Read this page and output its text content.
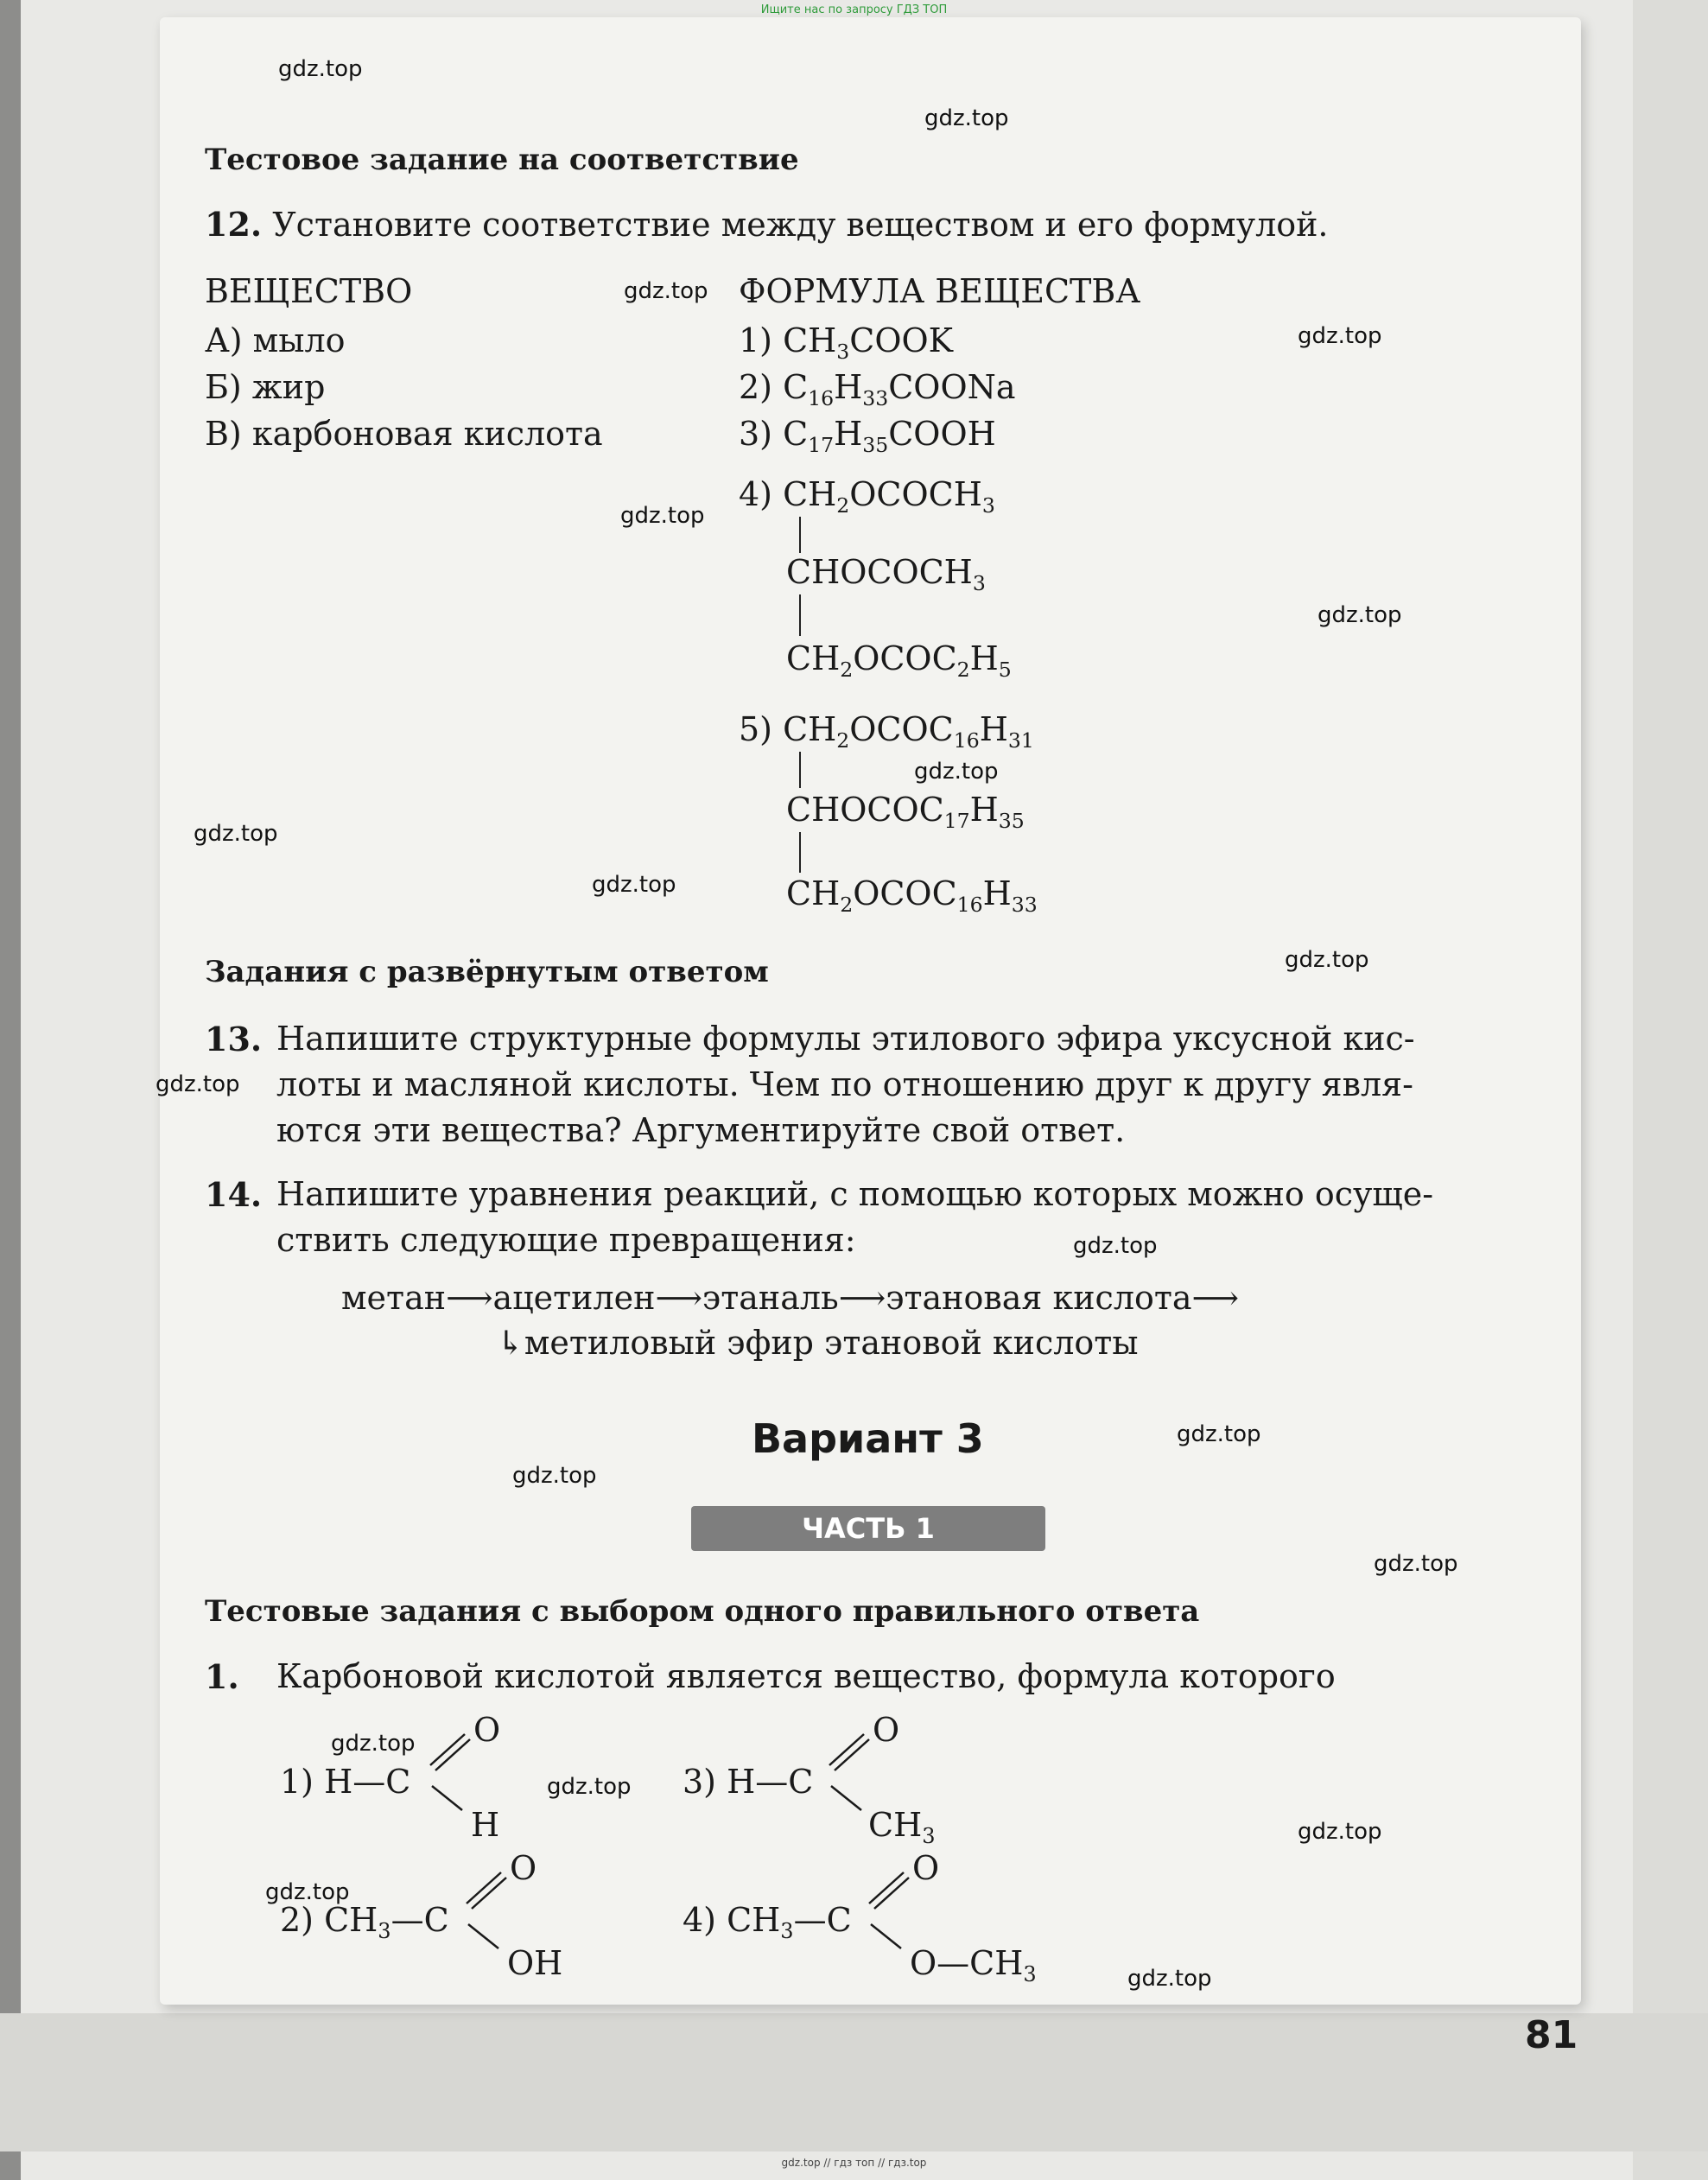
Ищите нас по запросу ГДЗ ТОП
Тестовое задание на соответствие
12. Установите соответствие между веществом и его формулой.
ВЕЩЕСТВО	ФОРМУЛА ВЕЩЕСТВА
А) мыло
Б) жир
В) карбоновая кислота
1) $CH_3COOK$
2) $C_{16}H_{33}COONa$
3) $C_{17}H_{35}COOH$
4) $CH_2OCOCH_3$
$CHOCOCH_3$
$CH_2OCOC_2H_5$
5) $CH_2OCOC_{16}H_{31}$
$CHOCOC_{17}H_{35}$
$CH_2OCOC_{16}H_{33}$
Задания с развёрнутым ответом
13. Напишите структурные формулы этилового эфира уксусной кис-
лоты и масляной кислоты. Чем по отношению друг к другу явля-
ются эти вещества? Аргументируйте свой ответ.
14. Напишите уравнения реакций, с помощью которых можно осуще-
ствить следующие превращения:
метан⟶ацетилен⟶этаналь⟶этановая кислота⟶
↳метиловый эфир этановой кислоты
Вариант 3
ЧАСТЬ 1
Тестовые задания с выбором одного правильного ответа
1. Карбоновой кислотой является вещество, формула которого
1) H—C
O
H
3) H—C
O
$CH_3$
2) $CH_3—C$
O
OH
4) $CH_3—C$
O
$O—CH_3$
gdz.top
gdz.top
gdz.top
gdz.top
gdz.top
gdz.top
gdz.top
gdz.top
gdz.top
gdz.top
gdz.top
gdz.top
gdz.top
gdz.top
gdz.top
gdz.top
gdz.top
gdz.top
gdz.top
gdz.top
81
gdz.top // гдз топ // гдз.top
